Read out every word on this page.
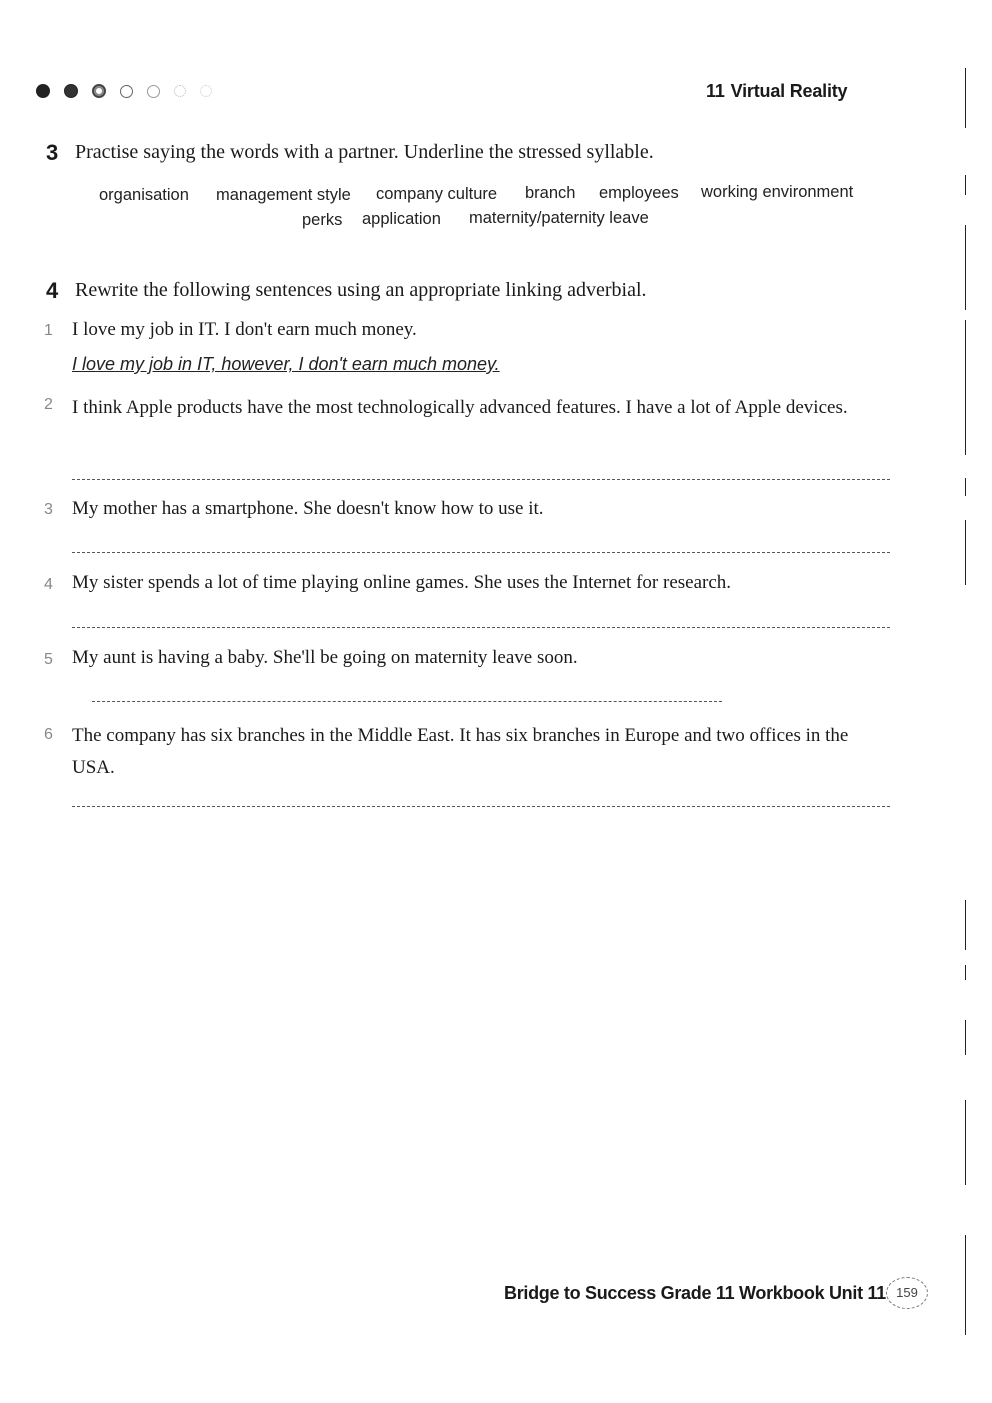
11 Virtual Reality
3 Practise saying the words with a partner. Underline the stressed syllable.
organisation management style company culture branch employees working environment
perks application maternity/paternity leave
4 Rewrite the following sentences using an appropriate linking adverbial.
1 I love my job in IT. I don't earn much money.
I love my job in IT, however, I don't earn much money.
2 I think Apple products have the most technologically advanced features. I have a lot of Apple devices.
3 My mother has a smartphone. She doesn't know how to use it.
4 My sister spends a lot of time playing online games. She uses the Internet for research.
5 My aunt is having a baby. She'll be going on maternity leave soon.
6 The company has six branches in the Middle East. It has six branches in Europe and two offices in the USA.
Bridge to Success Grade 11 Workbook Unit 11 159
